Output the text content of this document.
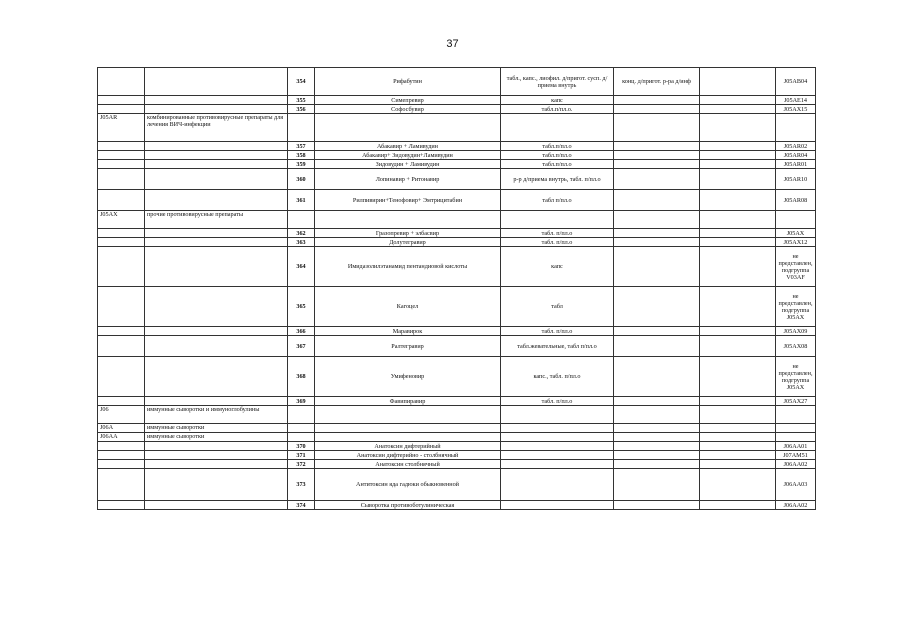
37
		354	Рифабутин	табл., капс., лиофил. д/пригот. сусп. д/приема внутрь	конц. д/пригот. р-ра д/инф		J05AB04
		355	Симепревир	капс			J05AE14
		356	Софосбувир	табл.п/пл.о.			J05AX15
J05AR	комбинированные противовирусные препараты для лечения ВИЧ-инфекции						
		357	Абакавир + Ламивудин	табл.п/пл.о			J05AR02
		358	Абакавир+ Зидовудин+Ламивудин	табл.п/пл.о			J05AR04
		359	Зидовудин + Ламивудин	табл.п/пл.о			J05AR01
		360	Лопинавир + Ритонавир	р-р д/приема внутрь, табл. п/пл.о			J05AR10
		361	Рилпивирин+Тенофовир+ Эмтрицитабин	табл п/пл.о			J05AR08
J05AX	прочие противовирусные препараты						
		362	Гразопревир + элбасвир	табл. п/пл.о			J05AX
		363	Долутегравир	табл. п/пл.о			J05AX12
		364	Имидазолилэтанамид пентандиовой кислоты	капс			не представлен, подгруппа V03AF
		365	Кагоцел	табл			не представлен, подгруппа J05AX
		366	Маравирок	табл. п/пл.о			J05AX09
		367	Ралтегравир	табл.жевательные, табл п/пл.о			J05AX08
		368	Умифеновир	капс., табл. п/пл.о			не представлен, подгруппа J05AX
		369	Фавипиравир	табл. п/пл.о			J05AX27
J06	иммунные сыворотки и иммуноглобулины						
J06A	иммунные сыворотки						
J06AA	иммунные сыворотки						
		370	Анатоксин дифтерийный				J06AA01
		371	Анатоксин дифтерийно - столбнячный				J07AM51
		372	Анатоксин столбнячный				J06AA02
		373	Антитоксин яда гадюки обыкновенной				J06AA03
		374	Сыворотка противоботулиническая				J06AA02
